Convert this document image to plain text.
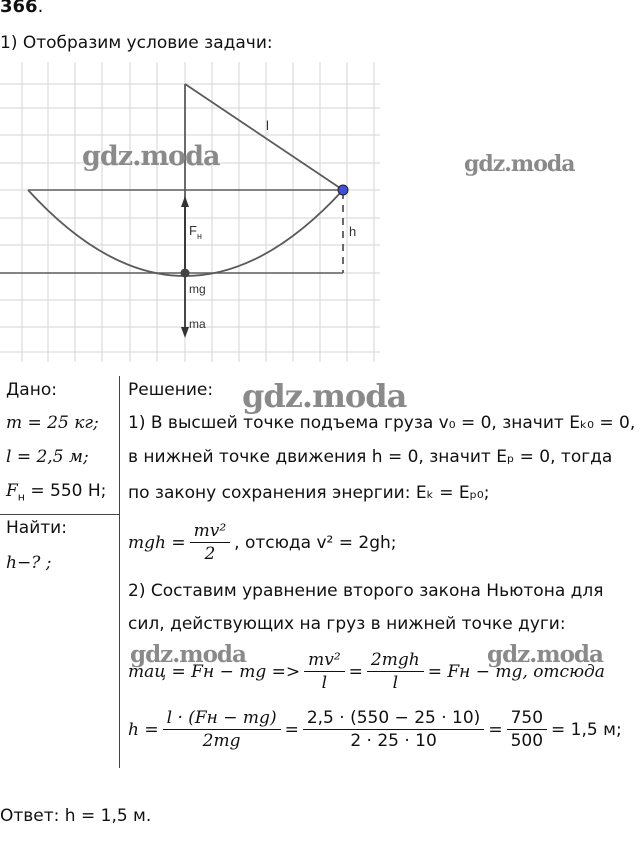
366.
1) Отобразим условие задачи:
l
h
$F_н$
mg
ma
gdz.moda	gdz.moda
gdz.moda
gdz.moda	gdz.moda
Дано:
m = 25 кг;
l = 2,5 м;
$F_н = 550$ Н;
Найти:
h−? ;
Решение:
1) В высшей точке подъема груза v₀ = 0, значит Eₖ₀ = 0,
в нижней точке движения h = 0, значит Eₚ = 0, тогда
по закону сохранения энергии: Eₖ = Eₚ₀;
mgh = $\frac{\text{mv²}}{2}$ , отсюда v² = 2gh;
2) Составим уравнение второго закона Ньютона для
сил, действующих на груз в нижней точке дуги:
maц = Fн − mg => $\frac{\text{mv²}}{l} = \frac{\text{2mgh}}{l}$ = Fн − mg, отсюда
$h = \frac{l \cdot (Fн - mg)}{2mg} = \frac{2,5 \cdot (550 - 25 \cdot 10)}{2 \cdot 25 \cdot 10} = \frac{750}{500} = 1,5$ м;
Ответ: h = 1,5 м.
